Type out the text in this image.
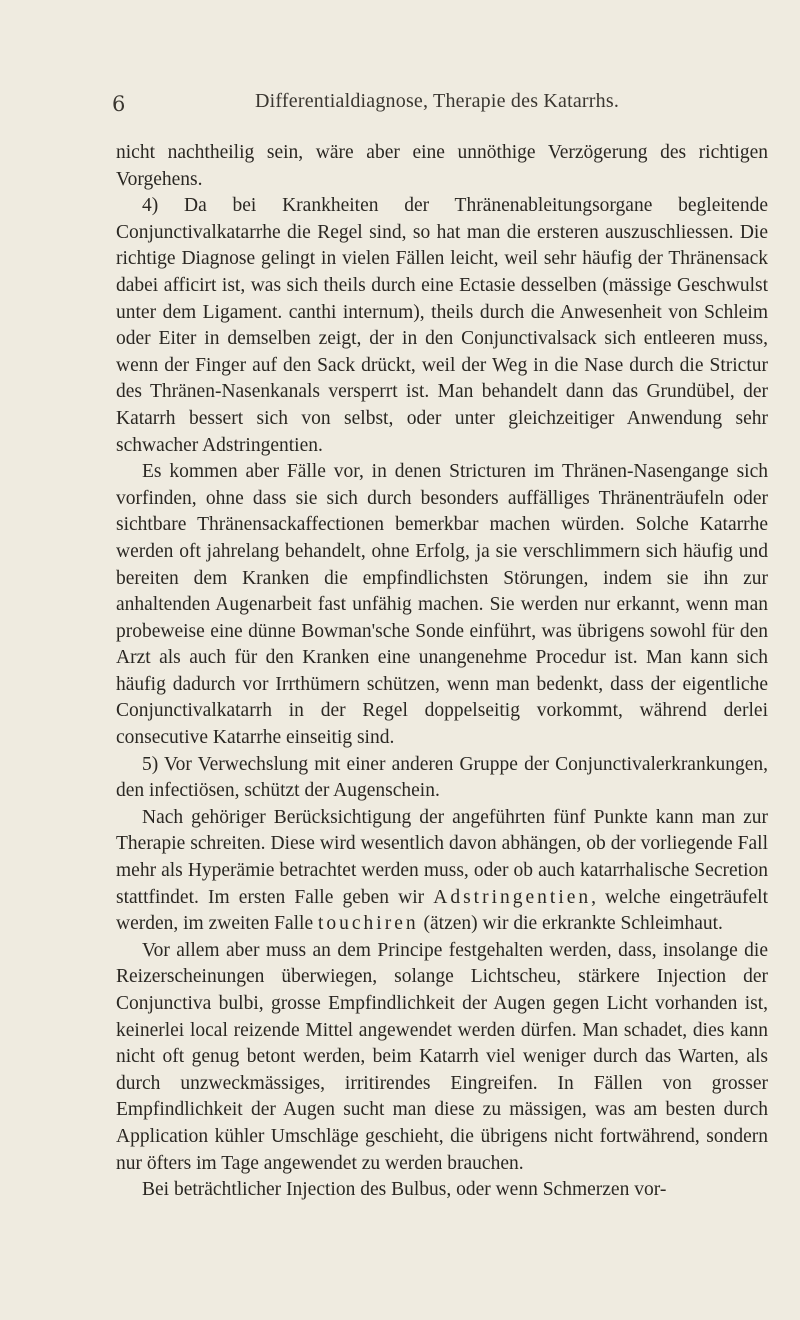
6	Differentialdiagnose, Therapie des Katarrhs.

nicht nachtheilig sein, wäre aber eine unnöthige Verzögerung des richtigen Vorgehens.

4) Da bei Krankheiten der Thränenableitungsorgane begleitende Conjunctivalkatarrhe die Regel sind, so hat man die ersteren auszuschliessen. Die richtige Diagnose gelingt in vielen Fällen leicht, weil sehr häufig der Thränensack dabei afficirt ist, was sich theils durch eine Ectasie desselben (mässige Geschwulst unter dem Ligament. canthi internum), theils durch die Anwesenheit von Schleim oder Eiter in demselben zeigt, der in den Conjunctivalsack sich entleeren muss, wenn der Finger auf den Sack drückt, weil der Weg in die Nase durch die Strictur des Thränen-Nasenkanals versperrt ist. Man behandelt dann das Grundübel, der Katarrh bessert sich von selbst, oder unter gleichzeitiger Anwendung sehr schwacher Adstringentien.

Es kommen aber Fälle vor, in denen Stricturen im Thränen-Nasengange sich vorfinden, ohne dass sie sich durch besonders auffälliges Thränenträufeln oder sichtbare Thränensackaffectionen bemerkbar machen würden. Solche Katarrhe werden oft jahrelang behandelt, ohne Erfolg, ja sie verschlimmern sich häufig und bereiten dem Kranken die empfindlichsten Störungen, indem sie ihn zur anhaltenden Augenarbeit fast unfähig machen. Sie werden nur erkannt, wenn man probeweise eine dünne Bowman'sche Sonde einführt, was übrigens sowohl für den Arzt als auch für den Kranken eine unangenehme Procedur ist. Man kann sich häufig dadurch vor Irrthümern schützen, wenn man bedenkt, dass der eigentliche Conjunctivalkatarrh in der Regel doppelseitig vorkommt, während derlei consecutive Katarrhe einseitig sind.

5) Vor Verwechslung mit einer anderen Gruppe der Conjunctivalerkrankungen, den infectiösen, schützt der Augenschein.

Nach gehöriger Berücksichtigung der angeführten fünf Punkte kann man zur Therapie schreiten. Diese wird wesentlich davon abhängen, ob der vorliegende Fall mehr als Hyperämie betrachtet werden muss, oder ob auch katarrhalische Secretion stattfindet. Im ersten Falle geben wir Adstringentien, welche eingeträufelt werden, im zweiten Falle touchiren (ätzen) wir die erkrankte Schleimhaut.

Vor allem aber muss an dem Principe festgehalten werden, dass, insolange die Reizerscheinungen überwiegen, solange Lichtscheu, stärkere Injection der Conjunctiva bulbi, grosse Empfindlichkeit der Augen gegen Licht vorhanden ist, keinerlei local reizende Mittel angewendet werden dürfen. Man schadet, dies kann nicht oft genug betont werden, beim Katarrh viel weniger durch das Warten, als durch unzweckmässiges, irritirendes Eingreifen. In Fällen von grosser Empfindlichkeit der Augen sucht man diese zu mässigen, was am besten durch Application kühler Umschläge geschieht, die übrigens nicht fortwährend, sondern nur öfters im Tage angewendet zu werden brauchen.

Bei beträchtlicher Injection des Bulbus, oder wenn Schmerzen vor-
